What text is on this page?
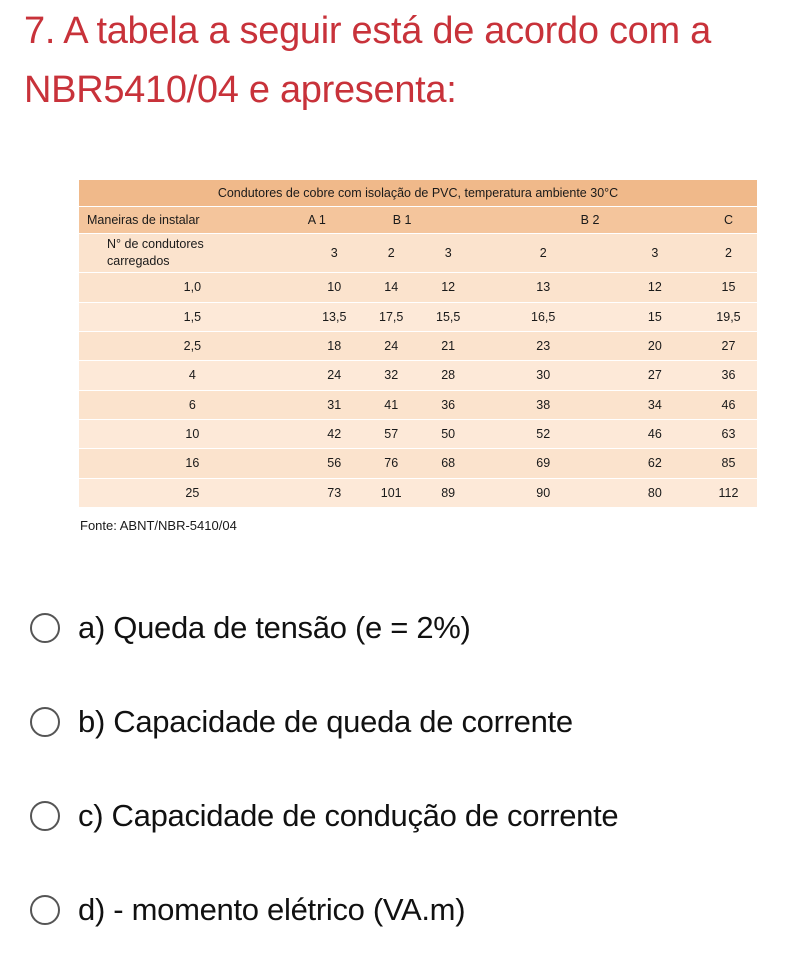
7. A tabela a seguir está de acordo com a
NBR5410/04 e apresenta:
Condutores de cobre com isolação de PVC, temperatura ambiente 30°C						
Maneiras de instalar	A 1	B 1		B 2		C
N° de condutores
carregados	3	2	3	2	3	2
1,0	10	14	12	13	12	15
1,5	13,5	17,5	15,5	16,5	15	19,5
2,5	18	24	21	23	20	27
4	24	32	28	30	27	36
6	31	41	36	38	34	46
10	42	57	50	52	46	63
16	56	76	68	69	62	85
25	73	101	89	90	80	112
Fonte: ABNT/NBR-5410/04
a) Queda de tensão (e = 2%)
b) Capacidade de queda de corrente
c) Capacidade de condução de corrente
d) - momento elétrico (VA.m)
